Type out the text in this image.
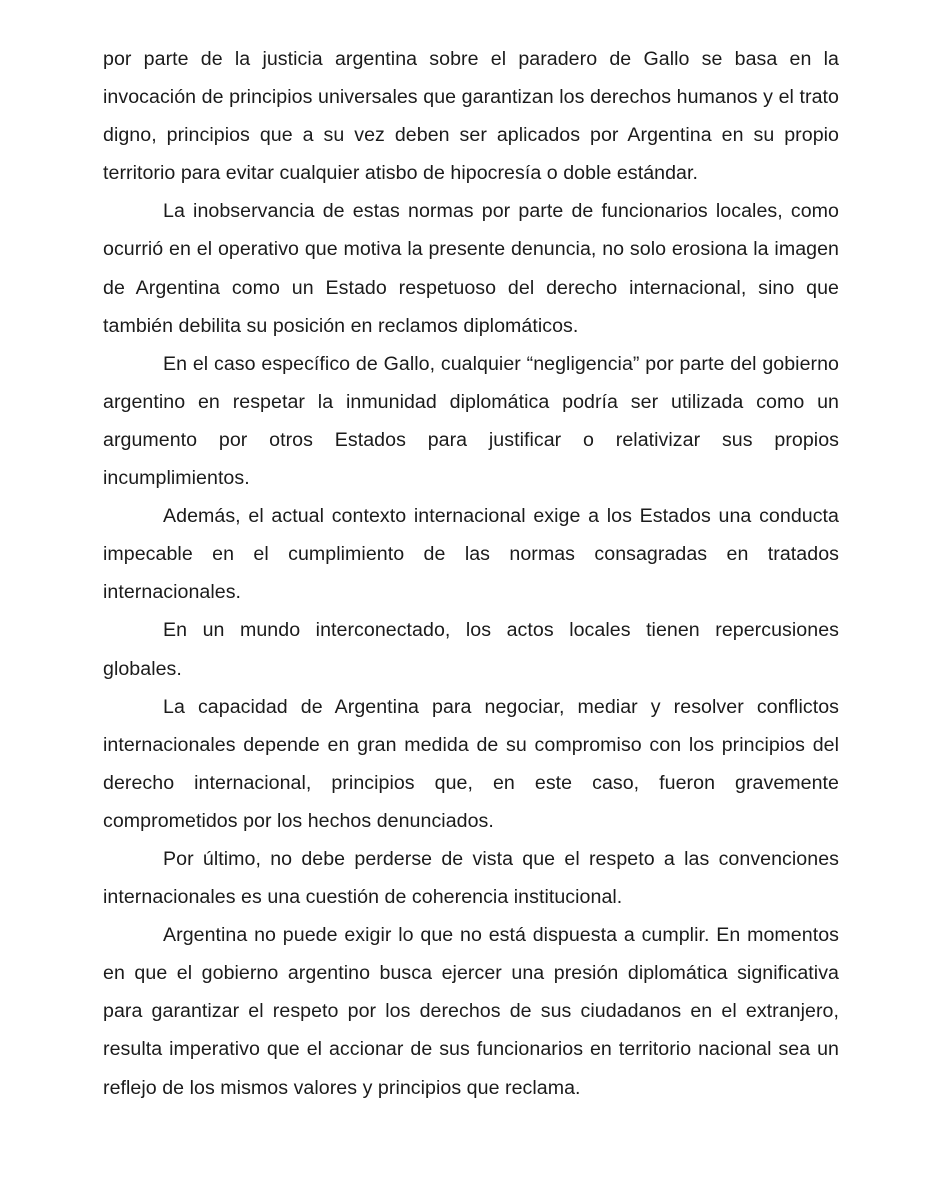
por parte de la justicia argentina sobre el paradero de Gallo se basa en la invocación de principios universales que garantizan los derechos humanos y el trato digno, principios que a su vez deben ser aplicados por Argentina en su propio territorio para evitar cualquier atisbo de hipocresía o doble estándar.

La inobservancia de estas normas por parte de funcionarios locales, como ocurrió en el operativo que motiva la presente denuncia, no solo erosiona la imagen de Argentina como un Estado respetuoso del derecho internacional, sino que también debilita su posición en reclamos diplomáticos.

En el caso específico de Gallo, cualquier “negligencia” por parte del gobierno argentino en respetar la inmunidad diplomática podría ser utilizada como un argumento por otros Estados para justificar o relativizar sus propios incumplimientos.

Además, el actual contexto internacional exige a los Estados una conducta impecable en el cumplimiento de las normas consagradas en tratados internacionales.

En un mundo interconectado, los actos locales tienen repercusiones globales.

La capacidad de Argentina para negociar, mediar y resolver conflictos internacionales depende en gran medida de su compromiso con los principios del derecho internacional, principios que, en este caso, fueron gravemente comprometidos por los hechos denunciados.

Por último, no debe perderse de vista que el respeto a las convenciones internacionales es una cuestión de coherencia institucional.

Argentina no puede exigir lo que no está dispuesta a cumplir. En momentos en que el gobierno argentino busca ejercer una presión diplomática significativa para garantizar el respeto por los derechos de sus ciudadanos en el extranjero, resulta imperativo que el accionar de sus funcionarios en territorio nacional sea un reflejo de los mismos valores y principios que reclama.
